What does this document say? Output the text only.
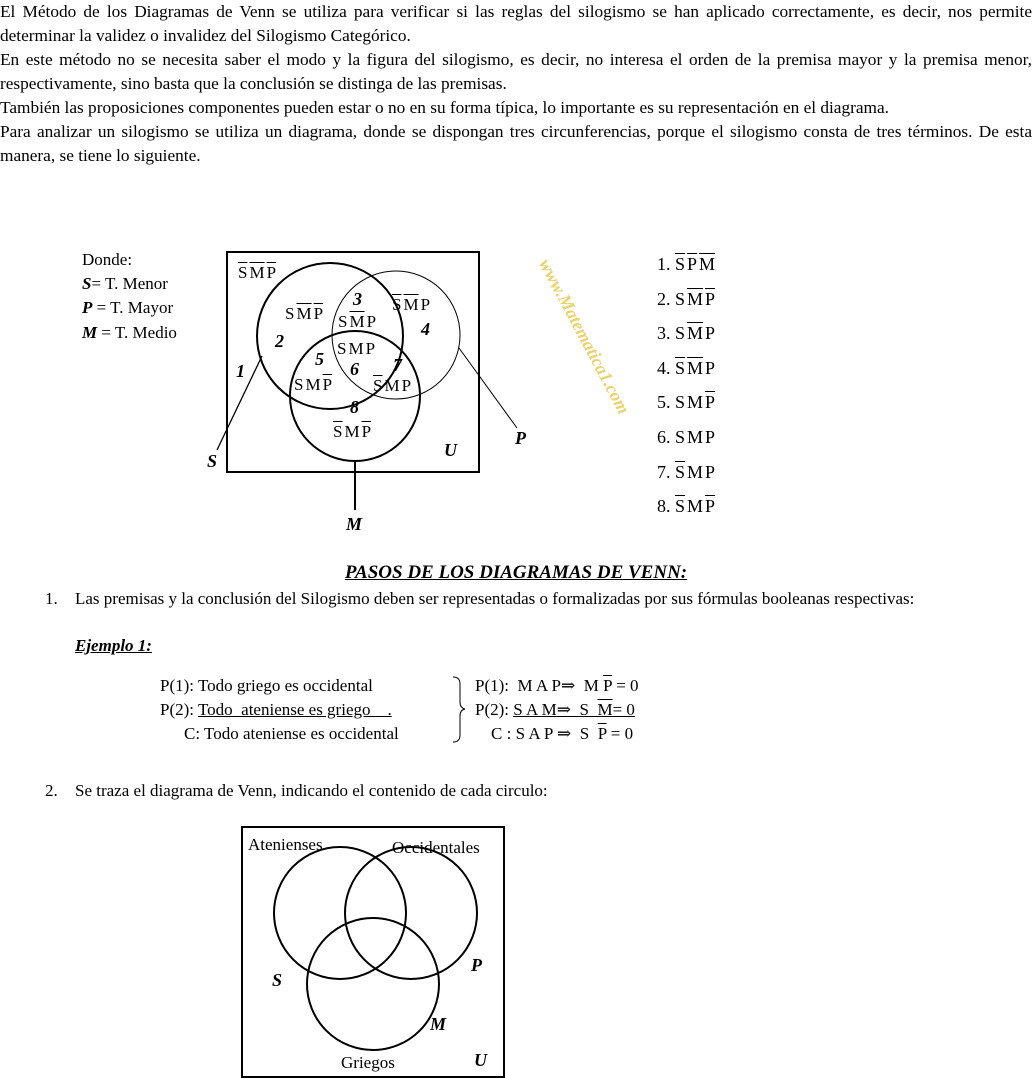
El Método de los Diagramas de Venn se utiliza para verificar si las reglas del silogismo se han aplicado correctamente, es decir, nos permite determinar la validez o invalidez del Silogismo Categórico.

En este método no se necesita saber el modo y la figura del silogismo, es decir, no interesa el orden de la premisa mayor y la premisa menor, respectivamente, sino basta que la conclusión se distinga de las premisas.

También las proposiciones componentes pueden estar o no en su forma típica, lo importante es su representación en el diagrama.

Para analizar un silogismo se utiliza un diagrama, donde se dispongan tres circunferencias, porque el silogismo consta de tres términos. De esta manera, se tiene lo siguiente.

Donde:
S= T. Menor
P = T. Mayor
M = T. Medio	www.Matematica1.com
$\overline{S}$ $\overline{M}$ $\overline{P}$
1
S $\overline{M}$ $\overline{P}$
2
3
S $\overline{M}$ P
$\overline{S}$ $\overline{M}$ P
4
5
S M $\overline{P}$
S M P
6 7
$\overline{S}$ M P
8
$\overline{S}$ M $\overline{P}$
U
S
P
M
1. $\overline{S}$ $\overline{P}$ $\overline{M}$
2. S $\overline{M}$ $\overline{P}$
3. S $\overline{M}$ P
4. $\overline{S}$ $\overline{M}$ P
5. S M $\overline{P}$
6. S M P
7. $\overline{S}$ M P
8. $\overline{S}$ M $\overline{P}$
PASOS DE LOS DIAGRAMAS DE VENN:
1. Las premisas y la conclusión del Silogismo deben ser representadas o formalizadas por sus fórmulas booleanas respectivas:
Ejemplo 1:
P(1): Todo griego es occidental
P(2): Todo  ateniense es griego    .
C: Todo ateniense es occidental
P(1): M A P⇒ M $\overline{P} = 0$
P(2): S A M⇒ S M= 0
C : S A P ⇒ S $\overline{P} = 0$
2. Se traza el diagrama de Venn, indicando el contenido de cada circulo:
Atenienses	Occidentales
Griegos
S
P
M
U
